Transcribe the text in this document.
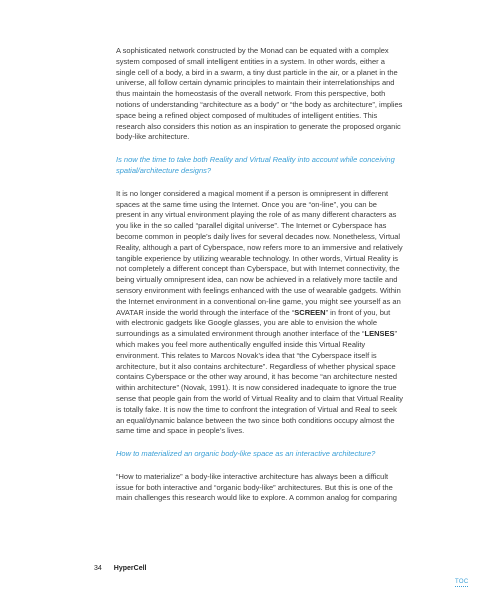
A sophisticated network constructed by the Monad can be equated with a complex system composed of small intelligent entities in a system. In other words, either a single cell of a body, a bird in a swarm, a tiny dust particle in the air, or a planet in the universe, all follow certain dynamic principles to maintain their interrelationships and thus maintain the homeostasis of the overall network. From this perspective, both notions of understanding “architecture as a body” or “the body as architecture”, implies space being a refined object composed of multitudes of intelligent entities. This research also considers this notion as an inspiration to generate the proposed organic body-like architecture.

Is now the time to take both Reality and Virtual Reality into account while conceiving spatial/architecture designs?

It is no longer considered a magical moment if a person is omnipresent in different spaces at the same time using the Internet. Once you are “on-line”, you can be present in any virtual environment playing the role of as many different characters as you like in the so called “parallel digital universe”. The Internet or Cyberspace has become common in people’s daily lives for several decades now. Nonetheless, Virtual Reality, although a part of Cyberspace, now refers more to an immersive and relatively tangible experience by utilizing wearable technology. In other words, Virtual Reality is not completely a different concept than Cyberspace, but with Internet connectivity, the being virtually omnipresent idea, can now be achieved in a relatively more tactile and sensory environment with feelings enhanced with the use of wearable gadgets. Within the Internet environment in a conventional on-line game, you might see yourself as an AVATAR inside the world through the interface of the “SCREEN” in front of you, but with electronic gadgets like Google glasses, you are able to envision the whole surroundings as a simulated environment through another interface of the “LENSES” which makes you feel more authentically engulfed inside this Virtual Reality environment. This relates to Marcos Novak’s idea that “the Cyberspace itself is architecture, but it also contains architecture”. Regardless of whether physical space contains Cyberspace or the other way around, it has become “an architecture nested within architecture” (Novak, 1991). It is now considered inadequate to ignore the true sense that people gain from the world of Virtual Reality and to claim that Virtual Reality is totally fake. It is now the time to confront the integration of Virtual and Real to seek an equal/dynamic balance between the two since both conditions occupy almost the same time and space in people’s lives.

How to materialized an organic body-like space as an interactive architecture?

“How to materialize” a body-like interactive architecture has always been a difficult issue for both interactive and “organic body-like” architectures. But this is one of the main challenges this research would like to explore. A common analog for comparing

34 HyperCell
TOC
